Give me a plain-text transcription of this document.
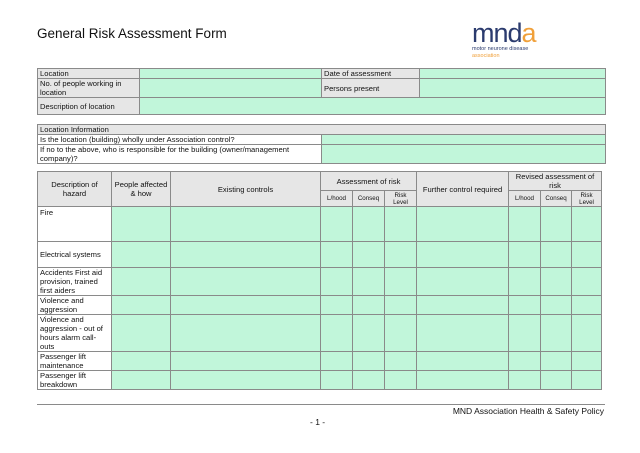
General Risk Assessment Form	mnda
motor neurone disease
association
Location		Date of assessment	
No. of people working in location		Persons present	
Description of location			
Location Information	
Is the location (building) wholly under Association control?	
If no to the above, who is responsible for the building (owner/management company)?	
Description of hazard	People affected & how	Existing controls	Assessment of risk			Further control required	Revised assessment of risk		
			L/hood	Conseq	Risk Level		L/hood	Conseq	Risk Level
Fire									
Electrical systems									
Accidents First aid provision, trained first aiders									
Violence and aggression									
Violence and aggression - out of hours alarm call-outs									
Passenger lift maintenance									
Passenger lift breakdown									
MND Association Health & Safety Policy
- 1 -
